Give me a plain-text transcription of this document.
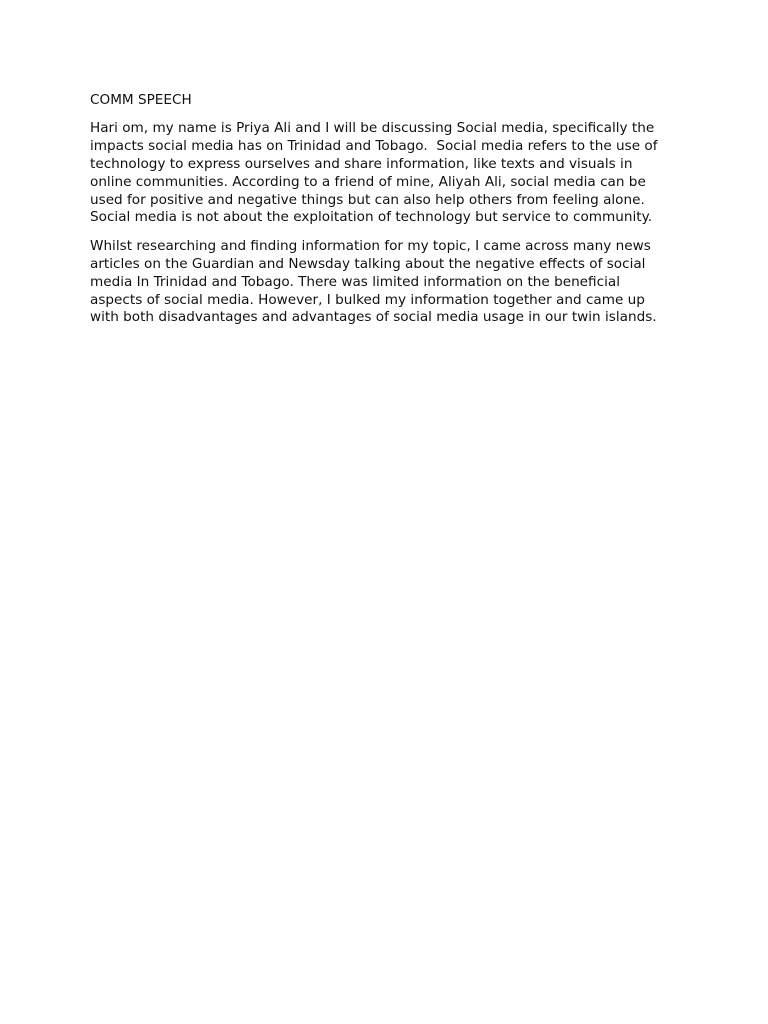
COMM SPEECH

Hari om, my name is Priya Ali and I will be discussing Social media, specifically the
impacts social media has on Trinidad and Tobago.  Social media refers to the use of
technology to express ourselves and share information, like texts and visuals in
online communities. According to a friend of mine, Aliyah Ali, social media can be
used for positive and negative things but can also help others from feeling alone.
Social media is not about the exploitation of technology but service to community.

Whilst researching and finding information for my topic, I came across many news
articles on the Guardian and Newsday talking about the negative effects of social
media In Trinidad and Tobago. There was limited information on the beneficial
aspects of social media. However, I bulked my information together and came up
with both disadvantages and advantages of social media usage in our twin islands.
